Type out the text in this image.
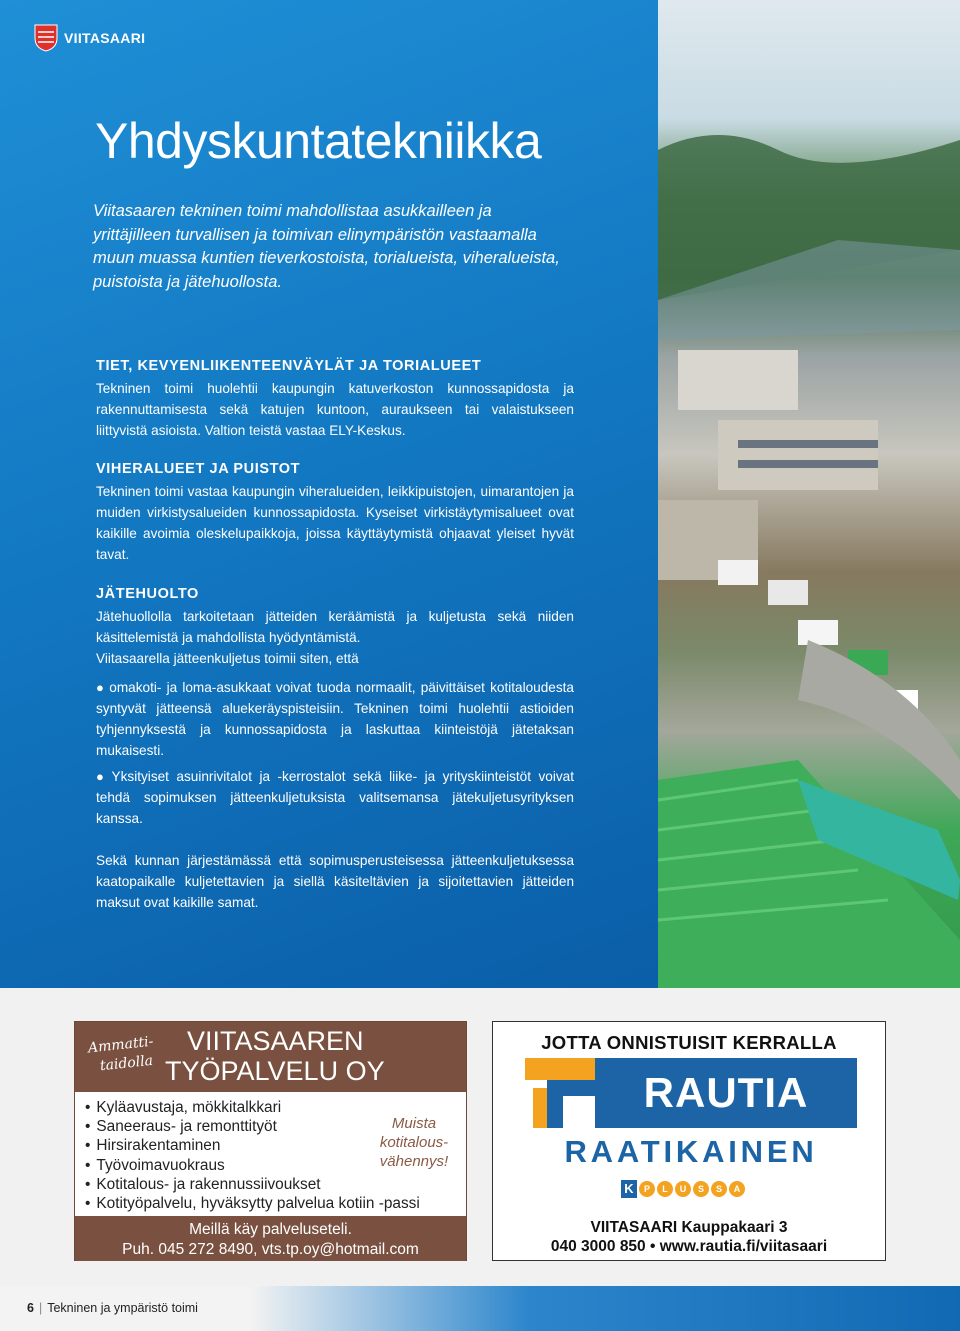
VIITASAARI
Yhdyskuntatekniikka

Viitasaaren tekninen toimi mahdollistaa asukkailleen ja yrittäjilleen turvallisen ja toimivan elinympäristön vastaamalla muun muassa kuntien tieverkostoista, torialueista, viheralueista, puistoista ja jätehuollosta.

TIET, KEVYENLIIKENTEENVÄYLÄT JA TORIALUEET

Tekninen toimi huolehtii kaupungin katuverkoston kunnossapidosta ja rakennuttamisesta sekä katujen kuntoon, auraukseen tai valaistukseen liittyvistä asioista. Valtion teistä vastaa ELY-Keskus.

VIHERALUEET JA PUISTOT

Tekninen toimi vastaa kaupungin viheralueiden, leikkipuistojen, uimarantojen ja muiden virkistysalueiden kunnossapidosta. Kyseiset virkistäytymisalueet ovat kaikille avoimia oleskelupaikkoja, joissa käyttäytymistä ohjaavat yleiset hyvät tavat.

JÄTEHUOLTO

Jätehuollolla tarkoitetaan jätteiden keräämistä ja kuljetusta sekä niiden käsittelemistä ja mahdollista hyödyntämistä.

Viitasaarella jätteenkuljetus toimii siten, että

● omakoti- ja loma-asukkaat voivat tuoda normaalit, päivittäiset kotitaloudesta syntyvät jätteensä aluekeräyspisteisiin. Tekninen toimi huolehtii astioiden tyhjennyksestä ja kunnossapidosta ja laskuttaa kiinteistöjä jätetaksan mukaisesti.

● Yksityiset asuinrivitalot ja -kerrostalot sekä liike- ja yrityskiinteistöt voivat tehdä sopimuksen jätteenkuljetuksista valitsemansa jätekuljetusyrityksen kanssa.

Sekä kunnan järjestämässä että sopimusperusteisessa jätteenkuljetuksessa kaatopaikalle kuljetettavien ja siellä käsiteltävien ja sijoitettavien jätteiden maksut ovat kaikille samat.

Ammatti-
taidolla
VIITASAAREN
TYÖPALVELU OY
• Kyläavustaja, mökkitalkkari
• Saneeraus- ja remonttityöt
• Hirsirakentaminen
• Työvoimavuokraus
• Kotitalous- ja rakennussiivoukset
• Kotityöpalvelu, hyväksytty palvelua kotiin -passi
Muista
kotitalous-
vähennys!
Meillä käy palveluseteli.
Puh. 045 272 8490, vts.tp.oy@hotmail.com
JOTTA ONNISTUISIT KERRALLA
RAUTIA
RAATIKAINEN
K	P	L	U	S	S	A
VIITASAARI Kauppakaari 3
040 3000 850 • www.rautia.fi/viitasaari
6 | Tekninen ja ympäristö toimi
